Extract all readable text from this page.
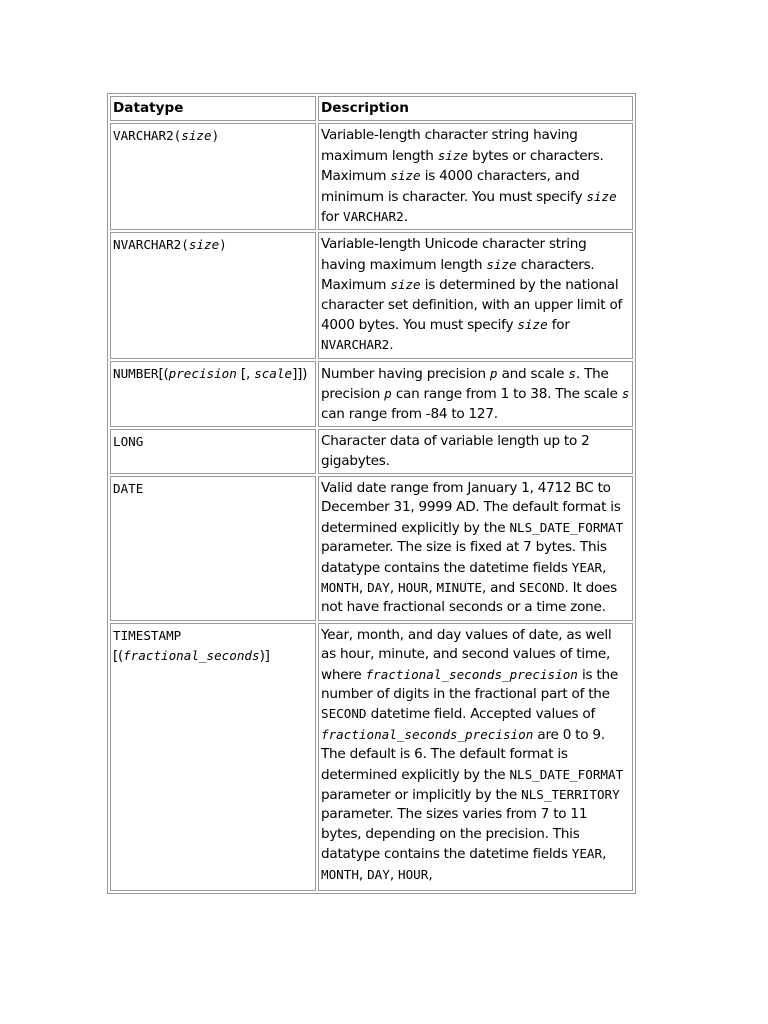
Datatype	Description
VARCHAR2(size)	Variable-length character string having maximum length size bytes or characters. Maximum size is 4000 characters, and minimum is character. You must specify size for VARCHAR2.
NVARCHAR2(size)	Variable-length Unicode character string having maximum length size characters. Maximum size is determined by the national character set definition, with an upper limit of 4000 bytes. You must specify size for NVARCHAR2.
NUMBER[(precision [, scale]])	Number having precision p and scale s. The precision p can range from 1 to 38. The scale s can range from -84 to 127.
LONG	Character data of variable length up to 2 gigabytes.
DATE	Valid date range from January 1, 4712 BC to December 31, 9999 AD. The default format is determined explicitly by the NLS_DATE_FORMAT parameter. The size is fixed at 7 bytes. This datatype contains the datetime fields YEAR, MONTH, DAY, HOUR, MINUTE, and SECOND. It does not have fractional seconds or a time zone.
TIMESTAMP [(fractional_seconds)]	Year, month, and day values of date, as well as hour, minute, and second values of time, where fractional_seconds_precision is the number of digits in the fractional part of the SECOND datetime field. Accepted values of fractional_seconds_precision are 0 to 9. The default is 6. The default format is determined explicitly by the NLS_DATE_FORMAT parameter or implicitly by the NLS_TERRITORY parameter. The sizes varies from 7 to 11 bytes, depending on the precision. This datatype contains the datetime fields YEAR, MONTH, DAY, HOUR,
